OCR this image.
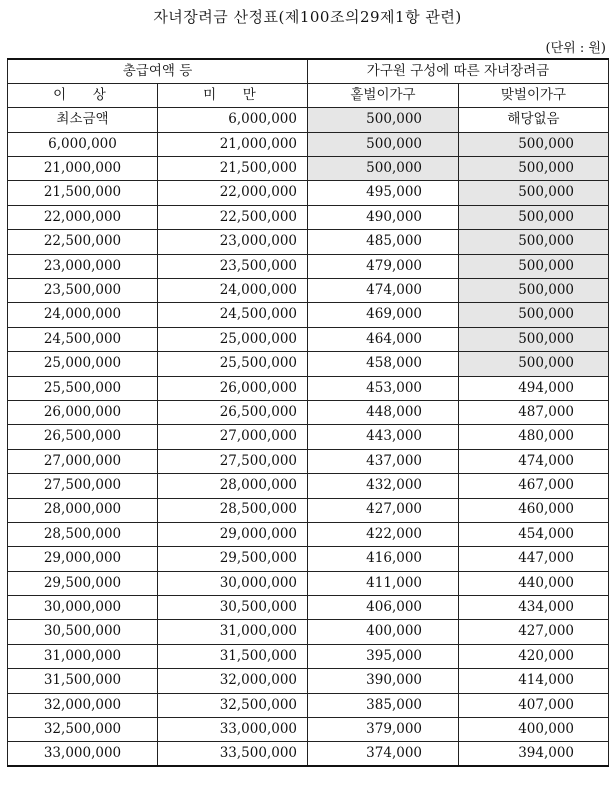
자녀장려금 산정표(제100조의29제1항 관련)
(단위 : 원)
총급여액 등		가구원 구성에 따른 자녀장려금	
이  상	미  만	홑벌이가구	맞벌이가구
최소금액	6,000,000	500,000	해당없음
6,000,000	21,000,000	500,000	500,000
21,000,000	21,500,000	500,000	500,000
21,500,000	22,000,000	495,000	500,000
22,000,000	22,500,000	490,000	500,000
22,500,000	23,000,000	485,000	500,000
23,000,000	23,500,000	479,000	500,000
23,500,000	24,000,000	474,000	500,000
24,000,000	24,500,000	469,000	500,000
24,500,000	25,000,000	464,000	500,000
25,000,000	25,500,000	458,000	500,000
25,500,000	26,000,000	453,000	494,000
26,000,000	26,500,000	448,000	487,000
26,500,000	27,000,000	443,000	480,000
27,000,000	27,500,000	437,000	474,000
27,500,000	28,000,000	432,000	467,000
28,000,000	28,500,000	427,000	460,000
28,500,000	29,000,000	422,000	454,000
29,000,000	29,500,000	416,000	447,000
29,500,000	30,000,000	411,000	440,000
30,000,000	30,500,000	406,000	434,000
30,500,000	31,000,000	400,000	427,000
31,000,000	31,500,000	395,000	420,000
31,500,000	32,000,000	390,000	414,000
32,000,000	32,500,000	385,000	407,000
32,500,000	33,000,000	379,000	400,000
33,000,000	33,500,000	374,000	394,000
